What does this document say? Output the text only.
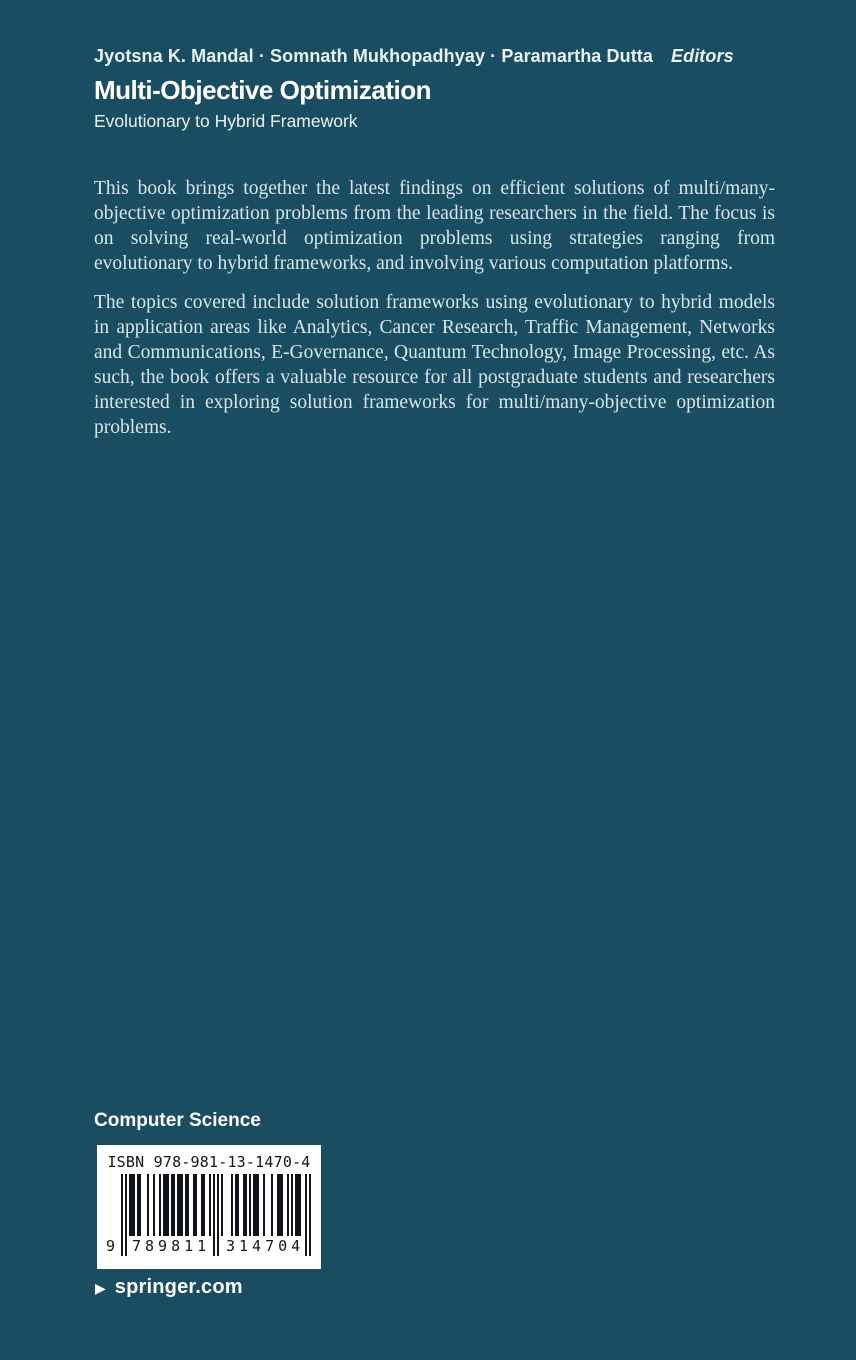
Jyotsna K. Mandal · Somnath Mukhopadhyay · Paramartha Dutta Editors
Multi-Objective Optimization
Evolutionary to Hybrid Framework

This book brings together the latest findings on efficient solutions of multi/many-objective optimization problems from the leading researchers in the field. The focus is on solving real-world optimization problems using strategies ranging from evolutionary to hybrid frameworks, and involving various computation platforms.

The topics covered include solution frameworks using evolutionary to hybrid models in application areas like Analytics, Cancer Research, Traffic Management, Networks and Communications, E-Governance, Quantum Technology, Image Processing, etc. As such, the book offers a valuable resource for all postgraduate students and researchers interested in exploring solution frameworks for multi/many-objective optimization problems.

Computer Science
ISBN 978-981-13-1470-4
9 789811 314704
▶ springer.com
